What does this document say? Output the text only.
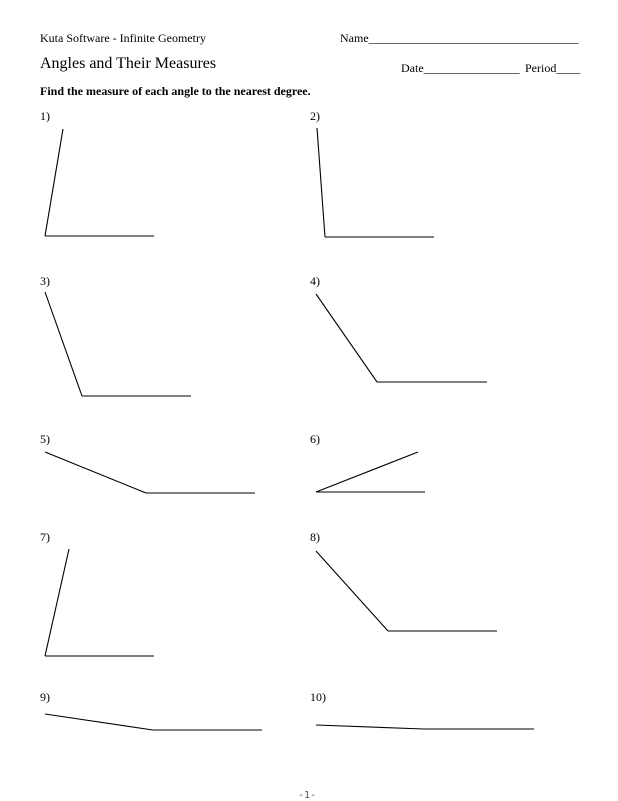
Kuta Software - Infinite Geometry	Name___________________________________
Angles and Their Measures	Date________________ Period____
Find the measure of each angle to the nearest degree.
1)	2)
3)	4)
5)	6)
7)	8)
9)	10)
-1-
